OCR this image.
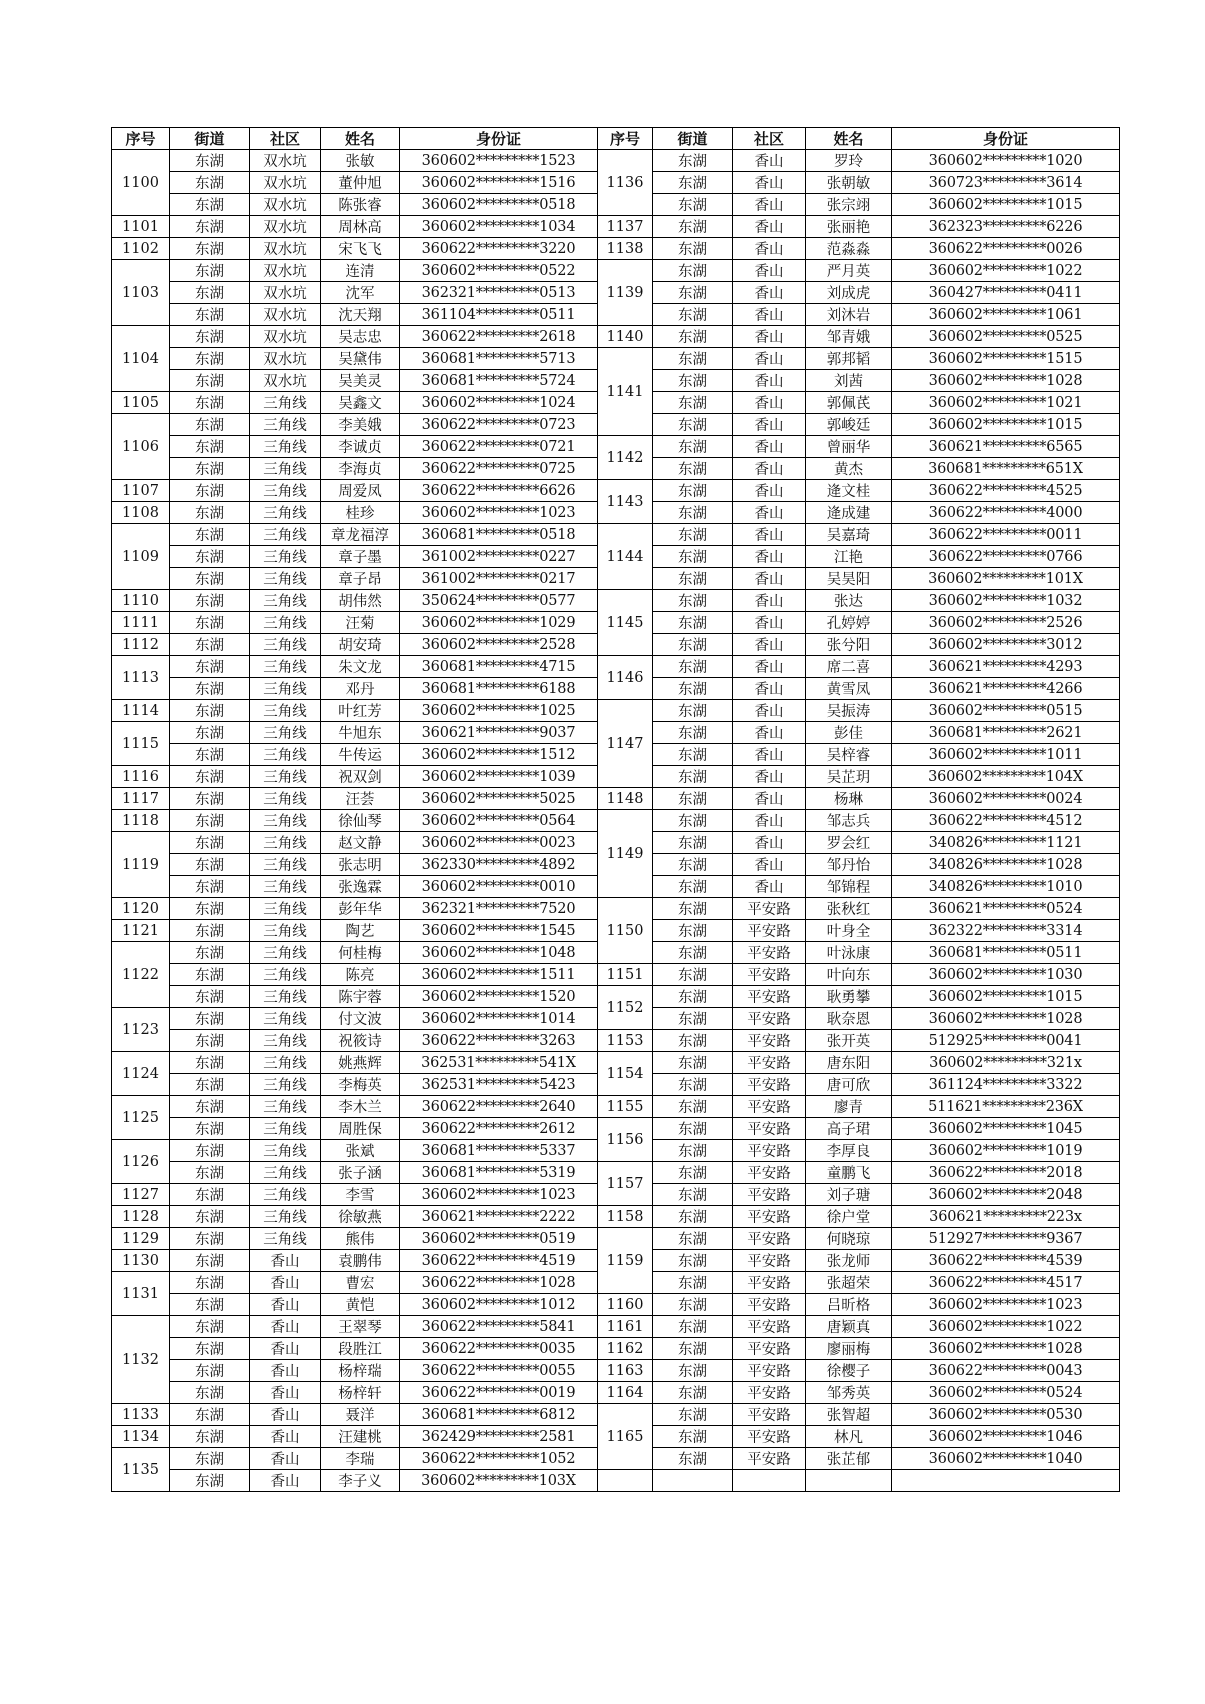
序号	街道	社区	姓名	身份证	序号	街道	社区	姓名	身份证
1100	东湖	双水坑	张敏	360602*********1523	1136	东湖	香山	罗玲	360602*********1020
	东湖	双水坑	董仲旭	360602*********1516		东湖	香山	张朝敏	360723*********3614
	东湖	双水坑	陈张睿	360602*********0518		东湖	香山	张宗翊	360602*********1015
1101	东湖	双水坑	周林高	360602*********1034	1137	东湖	香山	张丽艳	362323*********6226
1102	东湖	双水坑	宋飞飞	360622*********3220	1138	东湖	香山	范淼淼	360622*********0026
1103	东湖	双水坑	连清	360602*********0522	1139	东湖	香山	严月英	360602*********1022
	东湖	双水坑	沈军	362321*********0513		东湖	香山	刘成虎	360427*********0411
	东湖	双水坑	沈天翔	361104*********0511		东湖	香山	刘沐岩	360602*********1061
1104	东湖	双水坑	吴志忠	360622*********2618	1140	东湖	香山	邹青娥	360602*********0525
	东湖	双水坑	吴黛伟	360681*********5713	1141	东湖	香山	郭邦韬	360602*********1515
	东湖	双水坑	吴美灵	360681*********5724		东湖	香山	刘茜	360602*********1028
1105	东湖	三角线	吴鑫文	360602*********1024		东湖	香山	郭佩芪	360602*********1021
1106	东湖	三角线	李美娥	360622*********0723		东湖	香山	郭峻廷	360602*********1015
	东湖	三角线	李诚贞	360622*********0721	1142	东湖	香山	曾丽华	360621*********6565
	东湖	三角线	李海贞	360622*********0725		东湖	香山	黄杰	360681*********651X
1107	东湖	三角线	周爱凤	360622*********6626	1143	东湖	香山	逄文桂	360622*********4525
1108	东湖	三角线	桂珍	360602*********1023		东湖	香山	逄成建	360622*********4000
1109	东湖	三角线	章龙福淳	360681*********0518	1144	东湖	香山	吴嘉琦	360622*********0011
	东湖	三角线	章子墨	361002*********0227		东湖	香山	江艳	360622*********0766
	东湖	三角线	章子昂	361002*********0217		东湖	香山	吴昊阳	360602*********101X
1110	东湖	三角线	胡伟然	350624*********0577	1145	东湖	香山	张达	360602*********1032
1111	东湖	三角线	汪菊	360602*********1029		东湖	香山	孔婷婷	360602*********2526
1112	东湖	三角线	胡安琦	360602*********2528		东湖	香山	张兮阳	360602*********3012
1113	东湖	三角线	朱文龙	360681*********4715	1146	东湖	香山	席二喜	360621*********4293
	东湖	三角线	邓丹	360681*********6188		东湖	香山	黄雪凤	360621*********4266
1114	东湖	三角线	叶红芳	360602*********1025	1147	东湖	香山	吴振涛	360602*********0515
1115	东湖	三角线	牛旭东	360621*********9037		东湖	香山	彭佳	360681*********2621
	东湖	三角线	牛传运	360602*********1512		东湖	香山	吴梓睿	360602*********1011
1116	东湖	三角线	祝双剑	360602*********1039		东湖	香山	吴芷玥	360602*********104X
1117	东湖	三角线	汪荟	360602*********5025	1148	东湖	香山	杨琳	360602*********0024
1118	东湖	三角线	徐仙琴	360602*********0564	1149	东湖	香山	邹志兵	360622*********4512
1119	东湖	三角线	赵文静	360602*********0023		东湖	香山	罗会红	340826*********1121
	东湖	三角线	张志明	362330*********4892		东湖	香山	邹丹怡	340826*********1028
	东湖	三角线	张逸霖	360602*********0010		东湖	香山	邹锦程	340826*********1010
1120	东湖	三角线	彭年华	362321*********7520	1150	东湖	平安路	张秋红	360621*********0524
1121	东湖	三角线	陶艺	360602*********1545		东湖	平安路	叶身全	362322*********3314
1122	东湖	三角线	何桂梅	360602*********1048		东湖	平安路	叶泳康	360681*********0511
	东湖	三角线	陈亮	360602*********1511	1151	东湖	平安路	叶向东	360602*********1030
	东湖	三角线	陈宇蓉	360602*********1520	1152	东湖	平安路	耿勇攀	360602*********1015
1123	东湖	三角线	付文波	360602*********1014		东湖	平安路	耿奈恩	360602*********1028
	东湖	三角线	祝筱诗	360622*********3263	1153	东湖	平安路	张开英	512925*********0041
1124	东湖	三角线	姚燕辉	362531*********541X	1154	东湖	平安路	唐东阳	360602*********321x
	东湖	三角线	李梅英	362531*********5423		东湖	平安路	唐可欣	361124*********3322
1125	东湖	三角线	李木兰	360622*********2640	1155	东湖	平安路	廖青	511621*********236X
	东湖	三角线	周胜保	360622*********2612	1156	东湖	平安路	高子珺	360602*********1045
1126	东湖	三角线	张斌	360681*********5337		东湖	平安路	李厚良	360602*********1019
	东湖	三角线	张子涵	360681*********5319	1157	东湖	平安路	童鹏飞	360622*********2018
1127	东湖	三角线	李雪	360602*********1023		东湖	平安路	刘子瑭	360602*********2048
1128	东湖	三角线	徐敏燕	360621*********2222	1158	东湖	平安路	徐户堂	360621*********223x
1129	东湖	三角线	熊伟	360602*********0519	1159	东湖	平安路	何晓琼	512927*********9367
1130	东湖	香山	袁鹏伟	360622*********4519		东湖	平安路	张龙师	360622*********4539
1131	东湖	香山	曹宏	360622*********1028		东湖	平安路	张超荣	360622*********4517
	东湖	香山	黄恺	360602*********1012	1160	东湖	平安路	吕昕格	360602*********1023
1132	东湖	香山	王翠琴	360622*********5841	1161	东湖	平安路	唐颖真	360602*********1022
	东湖	香山	段胜江	360622*********0035	1162	东湖	平安路	廖丽梅	360602*********1028
	东湖	香山	杨梓瑞	360622*********0055	1163	东湖	平安路	徐樱子	360622*********0043
	东湖	香山	杨梓轩	360622*********0019	1164	东湖	平安路	邹秀英	360602*********0524
1133	东湖	香山	聂洋	360681*********6812	1165	东湖	平安路	张智超	360602*********0530
1134	东湖	香山	汪建桃	362429*********2581		东湖	平安路	林凡	360602*********1046
1135	东湖	香山	李瑞	360622*********1052		东湖	平安路	张芷郁	360602*********1040
	东湖	香山	李子义	360602*********103X					
